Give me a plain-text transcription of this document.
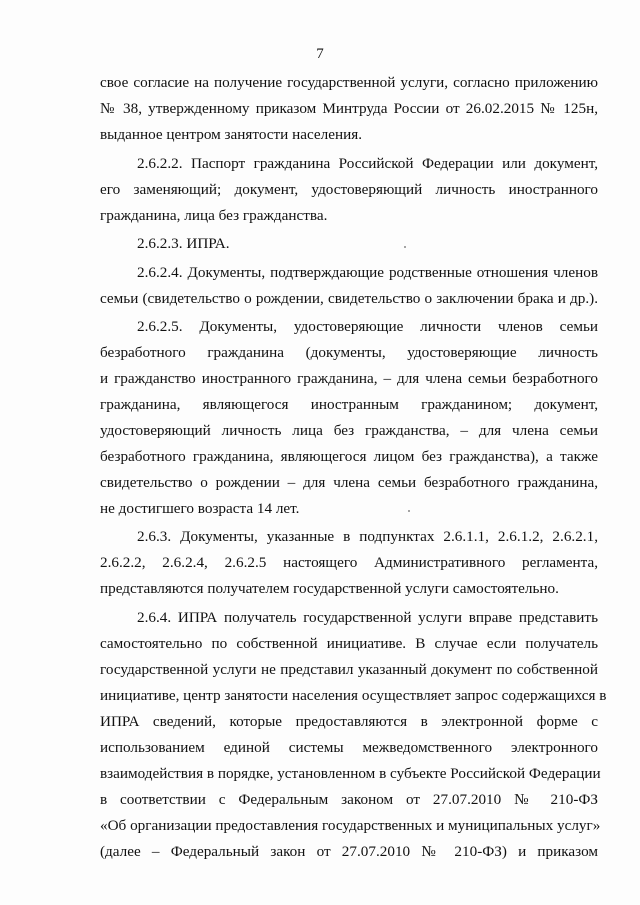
7
свое согласие на получение государственной услуги, согласно приложению
№ 38, утвержденному приказом Минтруда России от 26.02.2015 № 125н,
выданное центром занятости населения.
2.6.2.2. Паспорт гражданина Российской Федерации или документ,
его заменяющий; документ, удостоверяющий личность иностранного
гражданина, лица без гражданства.
2.6.2.3. ИПРА.
2.6.2.4. Документы, подтверждающие родственные отношения членов
семьи (свидетельство о рождении, свидетельство о заключении брака и др.).
2.6.2.5. Документы, удостоверяющие личности членов семьи
безработного гражданина (документы, удостоверяющие личность
и гражданство иностранного гражданина, – для члена семьи безработного
гражданина, являющегося иностранным гражданином; документ,
удостоверяющий личность лица без гражданства, – для члена семьи
безработного гражданина, являющегося лицом без гражданства), а также
свидетельство о рождении – для члена семьи безработного гражданина,
не достигшего возраста 14 лет.
2.6.3. Документы, указанные в подпунктах 2.6.1.1, 2.6.1.2, 2.6.2.1,
2.6.2.2, 2.6.2.4, 2.6.2.5 настоящего Административного регламента,
представляются получателем государственной услуги самостоятельно.
2.6.4. ИПРА получатель государственной услуги вправе представить
самостоятельно по собственной инициативе. В случае если получатель
государственной услуги не представил указанный документ по собственной
инициативе, центр занятости населения осуществляет запрос содержащихся в
ИПРА сведений, которые предоставляются в электронной форме с
использованием единой системы межведомственного электронного
взаимодействия в порядке, установленном в субъекте Российской Федерации
в соответствии с Федеральным законом от 27.07.2010 № 210-ФЗ
«Об организации предоставления государственных и муниципальных услуг»
(далее – Федеральный закон от 27.07.2010 № 210-ФЗ) и приказом
